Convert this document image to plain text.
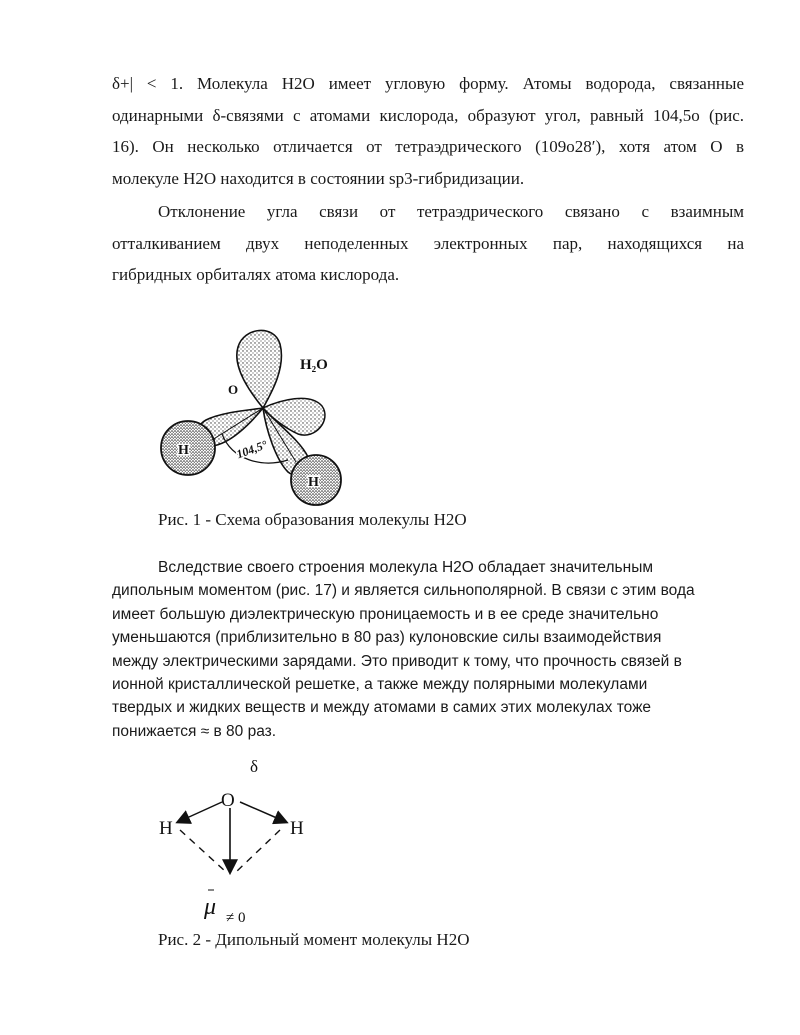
δ+| < 1. Молекула H2O имеет угловую форму. Атомы водорода, связанные
одинарными δ-связями с атомами кислорода, образуют угол, равный 104,5o (рис.
16). Он несколько отличается от тетраэдрического (109o28′), хотя атом O в
молекуле H2O находится в состоянии sp3-гибридизации.

Отклонение угла связи от тетраэдрического связано с взаимным
отталкиванием двух неподеленных электронных пар, находящихся на
гибридных орбиталях атома кислорода.

H₂O
O
H
H
104,5°
Рис. 1 - Схема образования молекулы H2O

Вследствие своего строения молекула H2O обладает значительным
дипольным моментом (рис. 17) и является сильнополярной. В связи с этим вода
имеет большую диэлектрическую проницаемость и в ее среде значительно
уменьшаются (приблизительно в 80 раз) кулоновские силы взаимодействия
между электрическими зарядами. Это приводит к тому, что прочность связей в
ионной кристаллической решетке, а также между полярными молекулами
твердых и жидких веществ и между атомами в самих этих молекулах тоже
понижается ≈ в 80 раз.

δ
O
H	H
μ ≠ 0
Рис. 2 - Дипольный момент молекулы H2O
